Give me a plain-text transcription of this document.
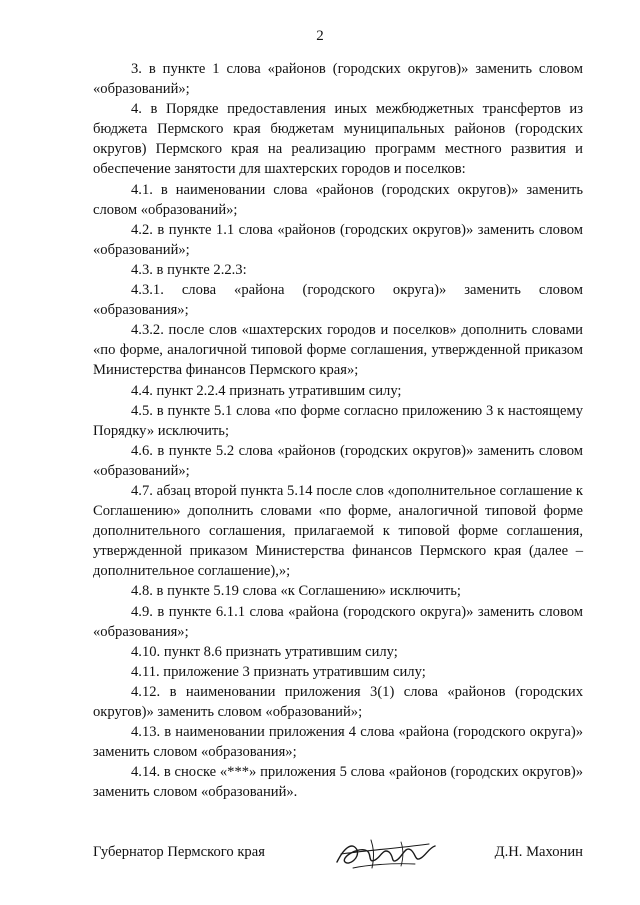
2

3. в пункте 1 слова «районов (городских округов)» заменить словом «образований»;

4. в Порядке предоставления иных межбюджетных трансфертов из бюджета Пермского края бюджетам муниципальных районов (городских округов) Пермского края на реализацию программ местного развития и обеспечение занятости для шахтерских городов и поселков:

4.1. в наименовании слова «районов (городских округов)» заменить словом «образований»;

4.2. в пункте 1.1 слова «районов (городских округов)» заменить словом «образований»;

4.3. в пункте 2.2.3:

4.3.1. слова «района (городского округа)» заменить словом «образования»;

4.3.2. после слов «шахтерских городов и поселков» дополнить словами «по форме, аналогичной типовой форме соглашения, утвержденной приказом Министерства финансов Пермского края»;

4.4. пункт 2.2.4 признать утратившим силу;

4.5. в пункте 5.1 слова «по форме согласно приложению 3 к настоящему Порядку» исключить;

4.6. в пункте 5.2 слова «районов (городских округов)» заменить словом «образований»;

4.7. абзац второй пункта 5.14 после слов «дополнительное соглашение к Соглашению» дополнить словами «по форме, аналогичной типовой форме дополнительного соглашения, прилагаемой к типовой форме соглашения, утвержденной приказом Министерства финансов Пермского края (далее – дополнительное соглашение),»;

4.8. в пункте 5.19 слова «к Соглашению» исключить;

4.9. в пункте 6.1.1 слова «района (городского округа)» заменить словом «образования»;

4.10. пункт 8.6 признать утратившим силу;

4.11. приложение 3 признать утратившим силу;

4.12. в наименовании приложения 3(1) слова «районов (городских округов)» заменить словом «образований»;

4.13. в наименовании приложения 4 слова «района (городского округа)» заменить словом «образования»;

4.14. в сноске «***» приложения 5 слова «районов (городских округов)» заменить словом «образований».

Губернатор Пермского края	Д.Н. Махонин
